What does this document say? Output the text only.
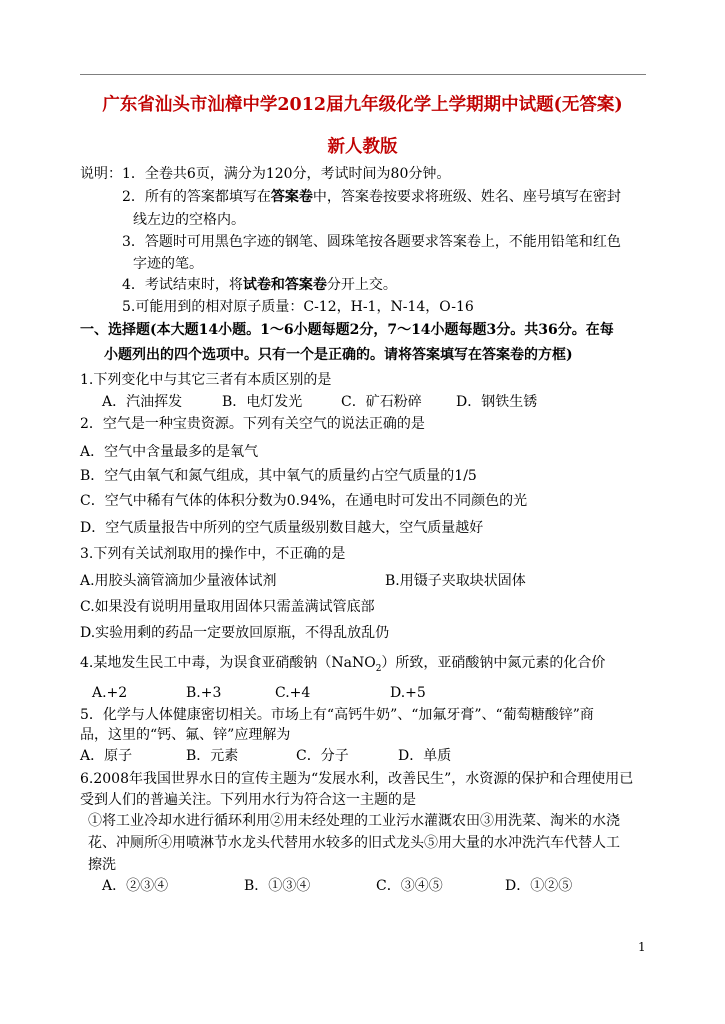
广东省汕头市汕樟中学2012届九年级化学上学期期中试题(无答案)
新人教版
说明： 1．全卷共6页，满分为120分，考试时间为80分钟。
2．所有的答案都填写在答案卷中，答案卷按要求将班级、姓名、座号填写在密封
线左边的空格内。
3．答题时可用黑色字迹的钢笔、圆珠笔按各题要求答案卷上，不能用铅笔和红色
字迹的笔。
4．考试结束时，将试卷和答案卷分开上交。
5.可能用到的相对原子质量：C-12，H-1，N-14，O-16
一、选择题(本大题14小题。1～6小题每题2分，7～14小题每题3分。共36分。在每
小题列出的四个选项中。只有一个是正确的。请将答案填写在答案卷的方框)
1.下列变化中与其它三者有本质区别的是
A．汽油挥发	B．电灯发光	C．矿石粉碎 D．钢铁生锈
2．空气是一种宝贵资源。下列有关空气的说法正确的是
A．空气中含量最多的是氧气
B．空气由氧气和氮气组成，其中氧气的质量约占空气质量的1/5
C．空气中稀有气体的体积分数为0.94%，在通电时可发出不同颜色的光
D．空气质量报告中所列的空气质量级别数目越大，空气质量越好
3.下列有关试剂取用的操作中，不正确的是
A.用胶头滴管滴加少量液体试剂	B.用镊子夹取块状固体
C.如果没有说明用量取用固体只需盖满试管底部
D.实验用剩的药品一定要放回原瓶，不得乱放乱仍
4.某地发生民工中毒，为误食亚硝酸钠（NaNO$_2$）所致，亚硝酸钠中氮元素的化合价
A.+2	B.+3	C.+4	D.+5
5．化学与人体健康密切相关。市场上有“高钙牛奶”、“加氟牙膏”、“葡萄糖酸锌”商
品，这里的“钙、氟、锌”应理解为
A．原子	B．元素	C．分子	D．单质
6.2008年我国世界水日的宣传主题为“发展水利，改善民生”，水资源的保护和合理使用已
受到人们的普遍关注。下列用水行为符合这一主题的是
①将工业冷却水进行循环利用②用未经处理的工业污水灌溉农田③用洗菜、淘米的水浇
花、冲厕所④用喷淋节水龙头代替用水较多的旧式龙头⑤用大量的水冲洗汽车代替人工
擦洗
A．②③④	B．①③④	C．③④⑤	D．①②⑤
1
